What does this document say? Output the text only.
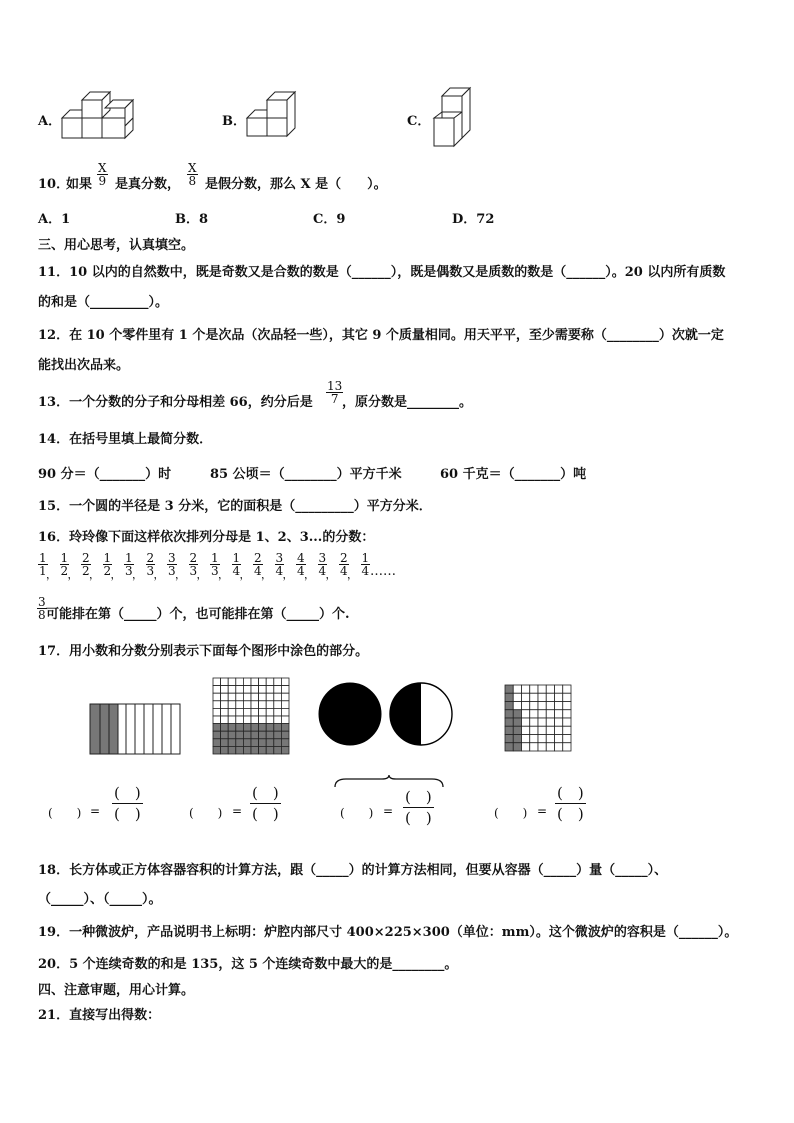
A．	B．	C．
10．
如果 $\frac{X}{9}$ 是真分数， $\frac{X}{8}$ 是假分数，那么 X 是（　　）。
A．1	B．8	C．9	D．72
三、用心思考，认真填空。
11．10 以内的自然数中，既是奇数又是合数的数是（______），既是偶数又是质数的数是（______）。20 以内所有质数
的和是（_________）。
12．在 10 个零件里有 1 个是次品（次品轻一些），其它 9 个质量相同。用天平平，至少需要称（________）次就一定
能找出次品来。
13．一个分数的分子和分母相差 66，约分后是 $\frac{13}{7}$
，原分数是________。
14．在括号里填上最简分数．
90 分＝（_______）时	85 公顷＝（________）平方千米	60 千克＝（_______）吨
15．一个圆的半径是 3 分米，它的面积是（_________）平方分米．
16．玲玲像下面这样依次排列分母是 1、2、3...的分数：
$\frac{1}{1}$
， $\frac{1}{2}$
， $\frac{2}{2}$
， $\frac{1}{2}$
， $\frac{1}{3}$
， $\frac{2}{3}$
， $\frac{3}{3}$
， $\frac{2}{3}$
， $\frac{1}{3}$
， $\frac{1}{4}$
， $\frac{2}{4}$
， $\frac{3}{4}$
， $\frac{4}{4}$
， $\frac{3}{4}$
， $\frac{2}{4}$
， $\frac{1}{4}$ ……
$\frac{3}{8}$ 可能排在第（_____）个，也可能排在第（_____）个.
17．用小数和分数分别表示下面每个图形中涂色的部分。
(　　) =
(　)
(　)	(　　) =
(　)
(　)	(　　) =
(　)
(　)	(　　) =
(　)
(　)
18．长方体或正方体容器容积的计算方法，跟（_____）的计算方法相同，但要从容器（_____）量（_____）、
（_____）、（_____）。
19．一种微波炉，产品说明书上标明：炉腔内部尺寸 400×225×300（单位：mm）。这个微波炉的容积是（______）。
20．5 个连续奇数的和是 135，这 5 个连续奇数中最大的是________。
四、注意审题，用心计算。
21．直接写出得数：
